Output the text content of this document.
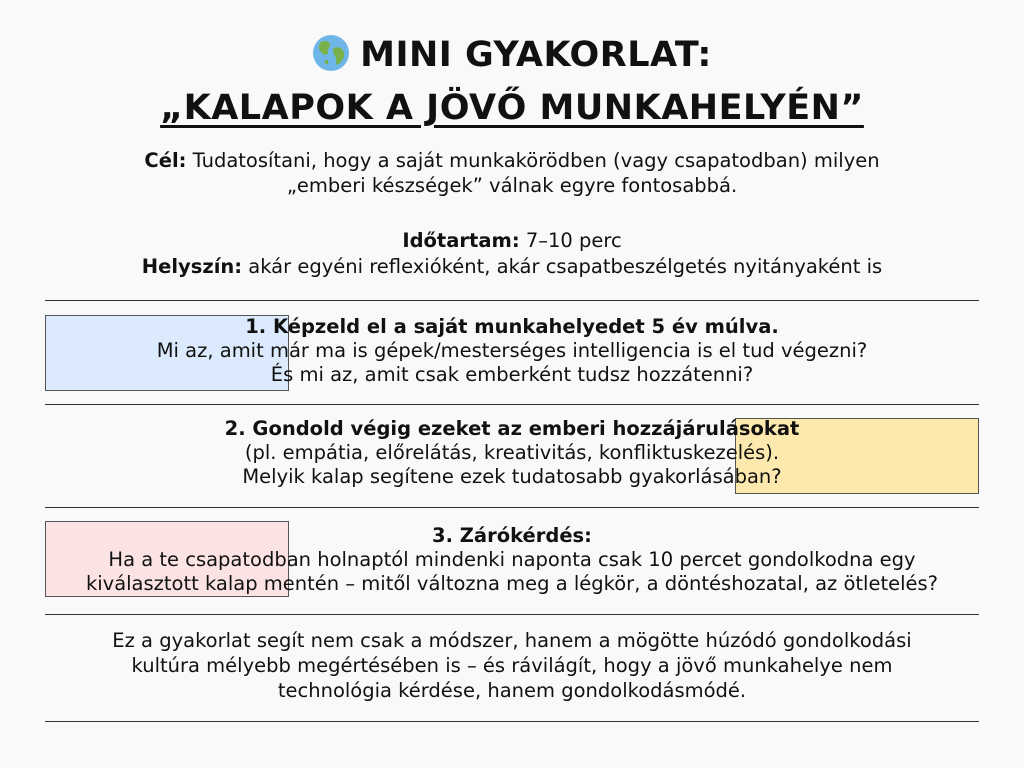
MINI GYAKORLAT:
„KALAPOK A JÖVŐ MUNKAHELYÉN”
Cél: Tudatosítani, hogy a saját munkakörödben (vagy csapatodban) milyen
„emberi készségek” válnak egyre fontosabbá.
Időtartam: 7–10 perc
Helyszín: akár egyéni reflexióként, akár csapatbeszélgetés nyitányaként is
1. Képzeld el a saját munkahelyedet 5 év múlva.
Mi az, amit már ma is gépek/mesterséges intelligencia is el tud végezni?
És mi az, amit csak emberként tudsz hozzátenni?
2. Gondold végig ezeket az emberi hozzájárulásokat
(pl. empátia, előrelátás, kreativitás, konfliktuskezelés).
Melyik kalap segítene ezek tudatosabb gyakorlásában?
3. Zárókérdés:
Ha a te csapatodban holnaptól mindenki naponta csak 10 percet gondolkodna egy
kiválasztott kalap mentén – mitől változna meg a légkör, a döntéshozatal, az ötletelés?
Ez a gyakorlat segít nem csak a módszer, hanem a mögötte húzódó gondolkodási
kultúra mélyebb megértésében is – és rávilágít, hogy a jövő munkahelye nem
technológia kérdése, hanem gondolkodásmódé.
